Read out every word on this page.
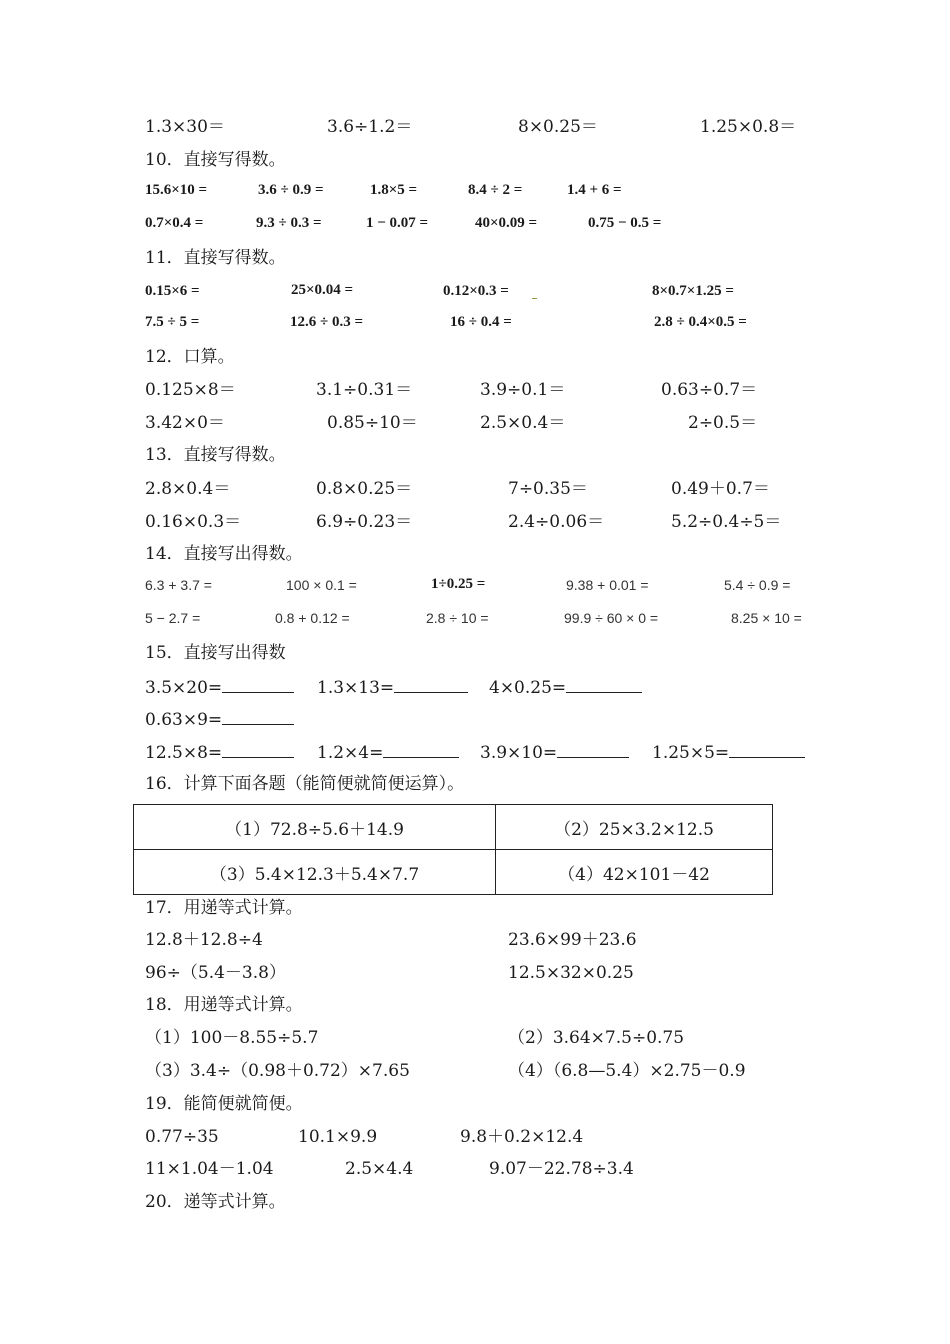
1.3×30＝	3.6÷1.2＝	8×0.25＝	1.25×0.8＝
10．直接写得数。
15.6×10 =	3.6 ÷ 0.9 =	1.8×5 =	8.4 ÷ 2 =	1.4 + 6 =
0.7×0.4 =	9.3 ÷ 0.3 =	1 − 0.07 =	40×0.09 =	0.75 − 0.5 =
11．直接写得数。
0.15×6 =	25×0.04 =	0.12×0.3 =	8×0.7×1.25 =
7.5 ÷ 5 =	12.6 ÷ 0.3 =	16 ÷ 0.4 =	2.8 ÷ 0.4×0.5 =
12．口算。
0.125×8＝	3.1÷0.31＝	3.9÷0.1＝	0.63÷0.7＝
3.42×0＝	0.85÷10＝	2.5×0.4＝	2÷0.5＝
13．直接写得数。
2.8×0.4＝	0.8×0.25＝	7÷0.35＝	0.49＋0.7＝
0.16×0.3＝	6.9÷0.23＝	2.4÷0.06＝	5.2÷0.4÷5＝
14．直接写出得数。
6.3 + 3.7 =	100 × 0.1 =	1÷0.25 =	9.38 + 0.01 =	5.4 ÷ 0.9 =
5 − 2.7 =	0.8 + 0.12 =	2.8 ÷ 10 =	99.9 ÷ 60 × 0 =	8.25 × 10 =
15．直接写出得数
3.5×20=	1.3×13=	4×0.25=
0.63×9=
12.5×8=	1.2×4=	3.9×10=	1.25×5=
16．计算下面各题（能简便就简便运算）。
（1）72.8÷5.6＋14.9	（2）25×3.2×12.5
（3）5.4×12.3＋5.4×7.7	（4）42×101－42
17．用递等式计算。
12.8＋12.8÷4	23.6×99＋23.6
96÷（5.4－3.8）	12.5×32×0.25
18．用递等式计算。
（1）100－8.55÷5.7	（2）3.64×7.5÷0.75
（3）3.4÷（0.98＋0.72）×7.65	（4）（6.8—5.4）×2.75－0.9
19．能简便就简便。
0.77÷35	10.1×9.9	9.8＋0.2×12.4
11×1.04－1.04	2.5×4.4	9.07－22.78÷3.4
20．递等式计算。
